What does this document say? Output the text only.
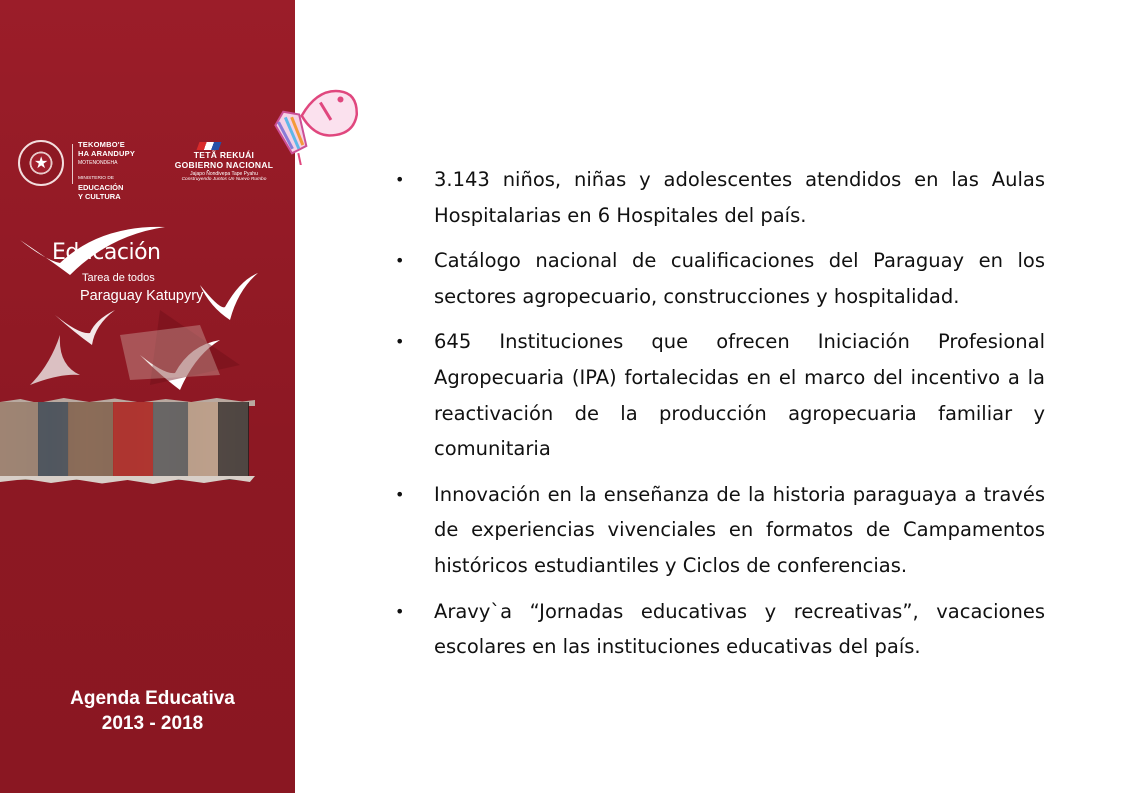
★
TEKOMBO'E
HA ARANDUPY
MOTENONDEHA
MINISTERIO DE
EDUCACIÓN
Y CULTURA
TETÃ REKUÁI
GOBIERNO NACIONAL
Jajapo Ñ̃ondivepa Tape Pyahu
Construyendo Juntos Un Nuevo Rumbo
Educación
Tarea de todos
Paraguay Katupyry
Agenda Educativa
2013 - 2018
• 3.143 niños, niñas y adolescentes atendidos en las Aulas Hospitalarias en 6 Hospitales del país.
• Catálogo nacional de cualificaciones del Paraguay en los sectores agropecuario, construcciones y hospitalidad.
• 645 Instituciones que ofrecen Iniciación Profesional Agropecuaria (IPA) fortalecidas en el marco del incentivo a la reactivación de la producción agropecuaria familiar y comunitaria
• Innovación en la enseñanza de la historia paraguaya a través de experiencias vivenciales en formatos de Campamentos históricos estudiantiles y Ciclos de conferencias.
• Aravy`a “Jornadas educativas y recreativas”, vacaciones escolares en las instituciones educativas del país.
